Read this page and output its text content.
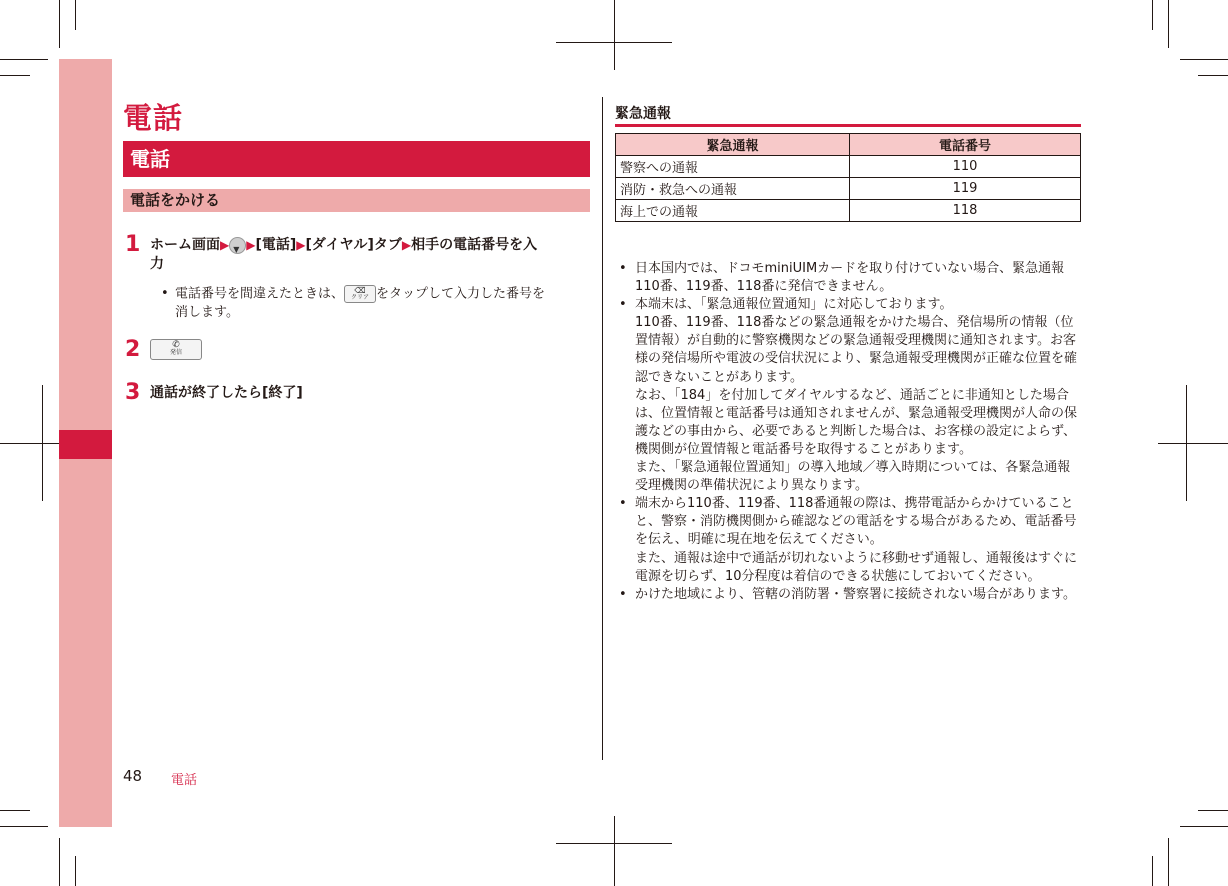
電話
電話
電話をかける
1 ホーム画面▶ ▼ ▶[電話]▶[ダイヤル]タブ▶相手の電話番号を入
力
• 電話番号を間違えたときは、	⌫
クリア をタップして入力した番号を
消します。
2	✆
発信
3 通話が終了したら[終了]
緊急通報
緊急通報	電話番号
警察への通報	110
消防・救急への通報	119
海上での通報	118
• 日本国内では、ドコモminiUIMカードを取り付けていない場合、緊急通報110番、119番、118番に発信できません。
• 本端末は、「緊急通報位置通知」に対応しております。
110番、119番、118番などの緊急通報をかけた場合、発信場所の情報（位置情報）が自動的に警察機関などの緊急通報受理機関に通知されます。お客様の発信場所や電波の受信状況により、緊急通報受理機関が正確な位置を確認できないことがあります。
なお、「184」を付加してダイヤルするなど、通話ごとに非通知とした場合は、位置情報と電話番号は通知されませんが、緊急通報受理機関が人命の保護などの事由から、必要であると判断した場合は、お客様の設定によらず、機関側が位置情報と電話番号を取得することがあります。
また、「緊急通報位置通知」の導入地域／導入時期については、各緊急通報受理機関の準備状況により異なります。
• 端末から110番、119番、118番通報の際は、携帯電話からかけていることと、警察・消防機関側から確認などの電話をする場合があるため、電話番号を伝え、明確に現在地を伝えてください。
また、通報は途中で通話が切れないように移動せず通報し、通報後はすぐに電源を切らず、10分程度は着信のできる状態にしておいてください。
• かけた地域により、管轄の消防署・警察署に接続されない場合があります。
48 電話
